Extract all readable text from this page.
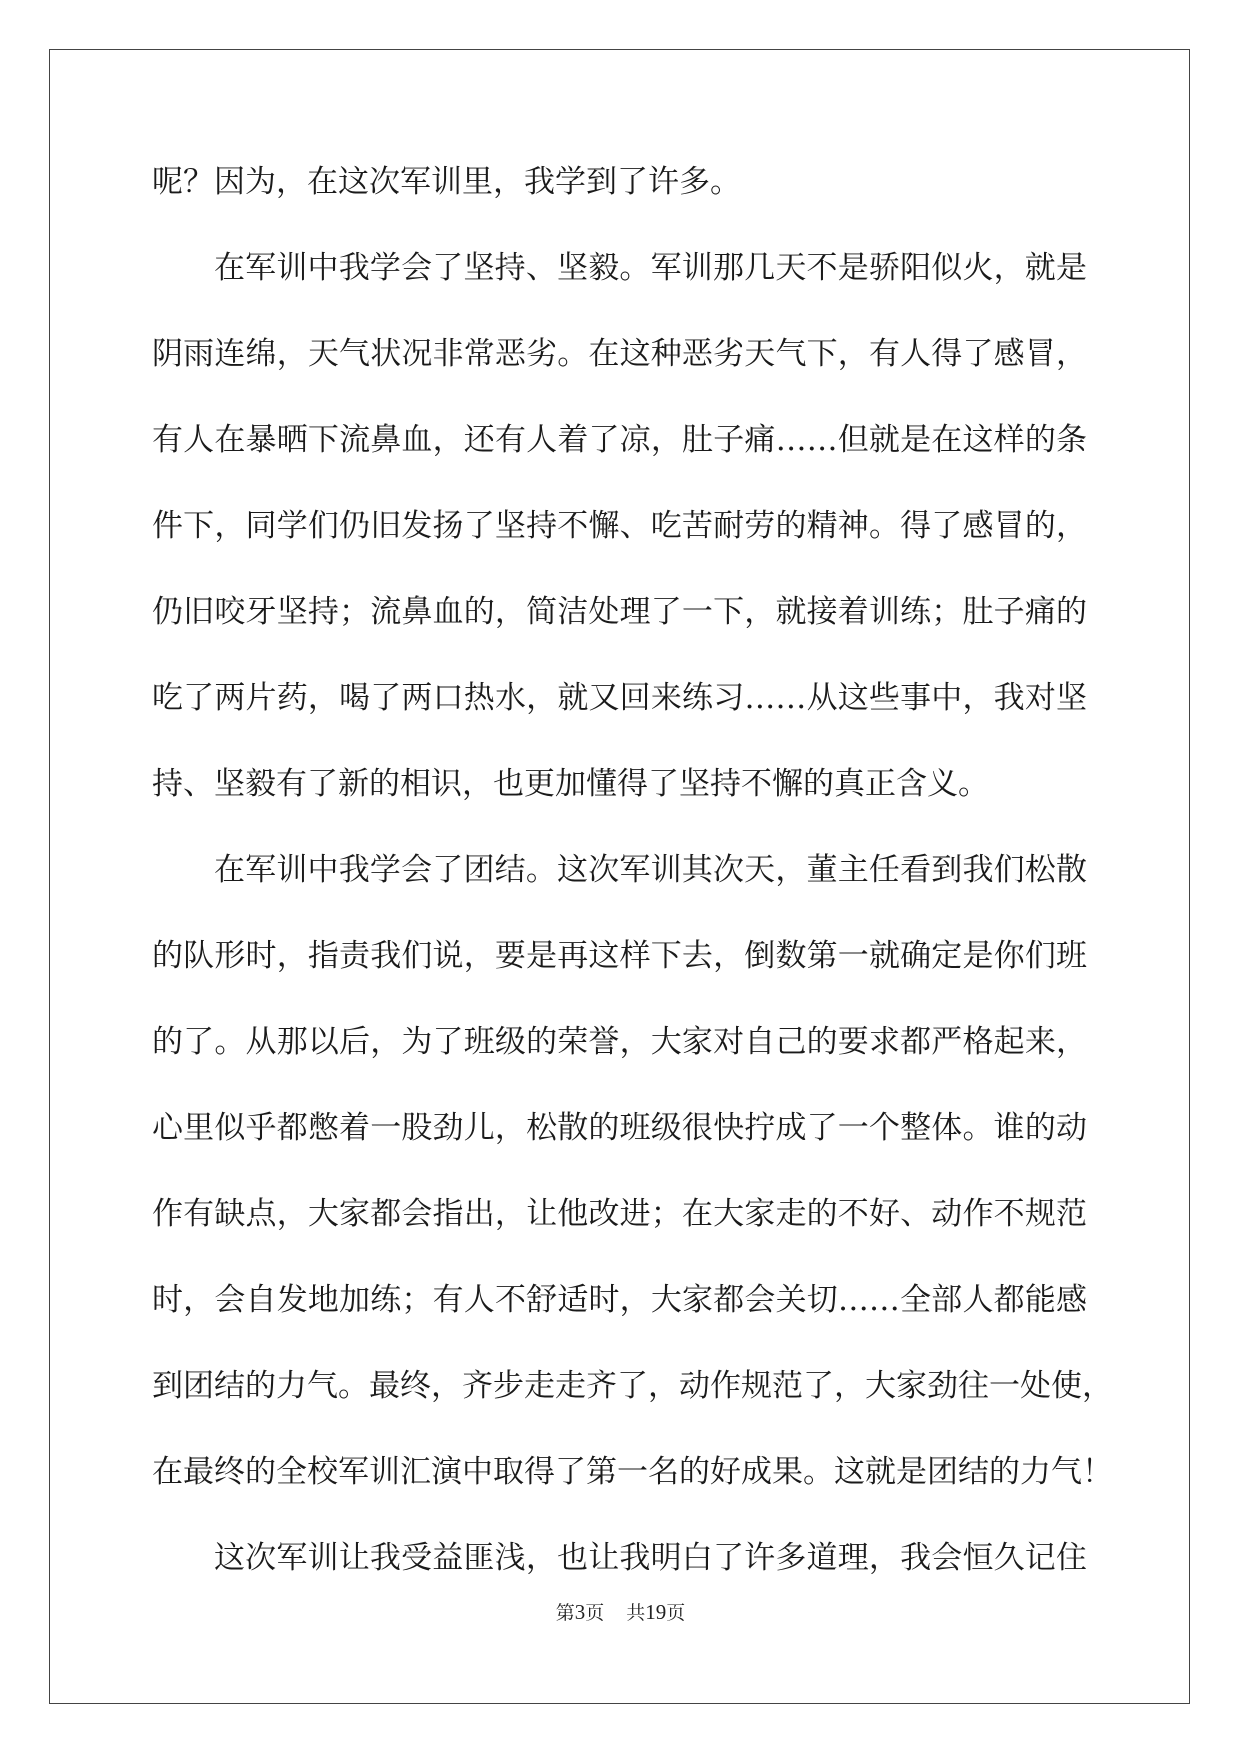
呢？因为，在这次军训里，我学到了许多。
在军训中我学会了坚持、坚毅。军训那几天不是骄阳似火，就是
阴雨连绵，天气状况非常恶劣。在这种恶劣天气下，有人得了感冒，
有人在暴晒下流鼻血，还有人着了凉，肚子痛……但就是在这样的条
件下，同学们仍旧发扬了坚持不懈、吃苦耐劳的精神。得了感冒的，
仍旧咬牙坚持；流鼻血的，简洁处理了一下，就接着训练；肚子痛的
吃了两片药，喝了两口热水，就又回来练习……从这些事中，我对坚
持、坚毅有了新的相识，也更加懂得了坚持不懈的真正含义。
在军训中我学会了团结。这次军训其次天，董主任看到我们松散
的队形时，指责我们说，要是再这样下去，倒数第一就确定是你们班
的了。从那以后，为了班级的荣誉，大家对自己的要求都严格起来，
心里似乎都憋着一股劲儿，松散的班级很快拧成了一个整体。谁的动
作有缺点，大家都会指出，让他改进；在大家走的不好、动作不规范
时，会自发地加练；有人不舒适时，大家都会关切……全部人都能感
到团结的力气。最终，齐步走走齐了，动作规范了，大家劲往一处使，
在最终的全校军训汇演中取得了第一名的好成果。这就是团结的力气！
这次军训让我受益匪浅，也让我明白了许多道理，我会恒久记住
第3页 共19页
